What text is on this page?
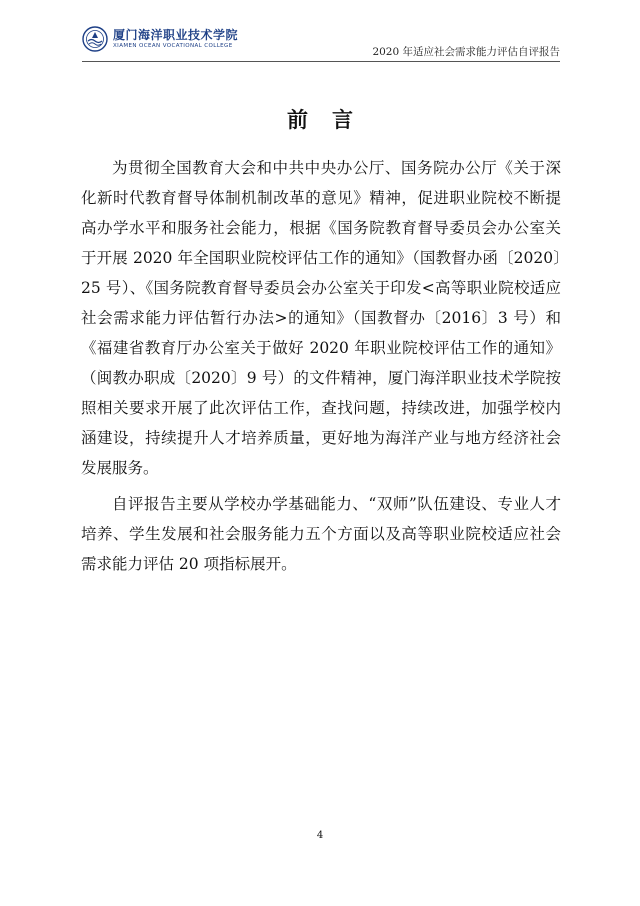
厦门海洋职业技术学院
XIAMEN OCEAN VOCATIONAL COLLEGE	2020 年适应社会需求能力评估自评报告
前言

为贯彻全国教育大会和中共中央办公厅、国务院办公厅《关于深化新时代教育督导体制机制改革的意见》精神，促进职业院校不断提高办学水平和服务社会能力，根据《国务院教育督导委员会办公室关于开展 2020 年全国职业院校评估工作的通知》（国教督办函〔2020〕25 号）、《国务院教育督导委员会办公室关于印发<高等职业院校适应社会需求能力评估暂行办法>的通知》（国教督办〔2016〕3 号）和《福建省教育厅办公室关于做好 2020 年职业院校评估工作的通知》（闽教办职成〔2020〕9 号）的文件精神，厦门海洋职业技术学院按照相关要求开展了此次评估工作，查找问题，持续改进，加强学校内涵建设，持续提升人才培养质量，更好地为海洋产业与地方经济社会发展服务。

自评报告主要从学校办学基础能力、“双师”队伍建设、专业人才培养、学生发展和社会服务能力五个方面以及高等职业院校适应社会需求能力评估 20 项指标展开。

4
